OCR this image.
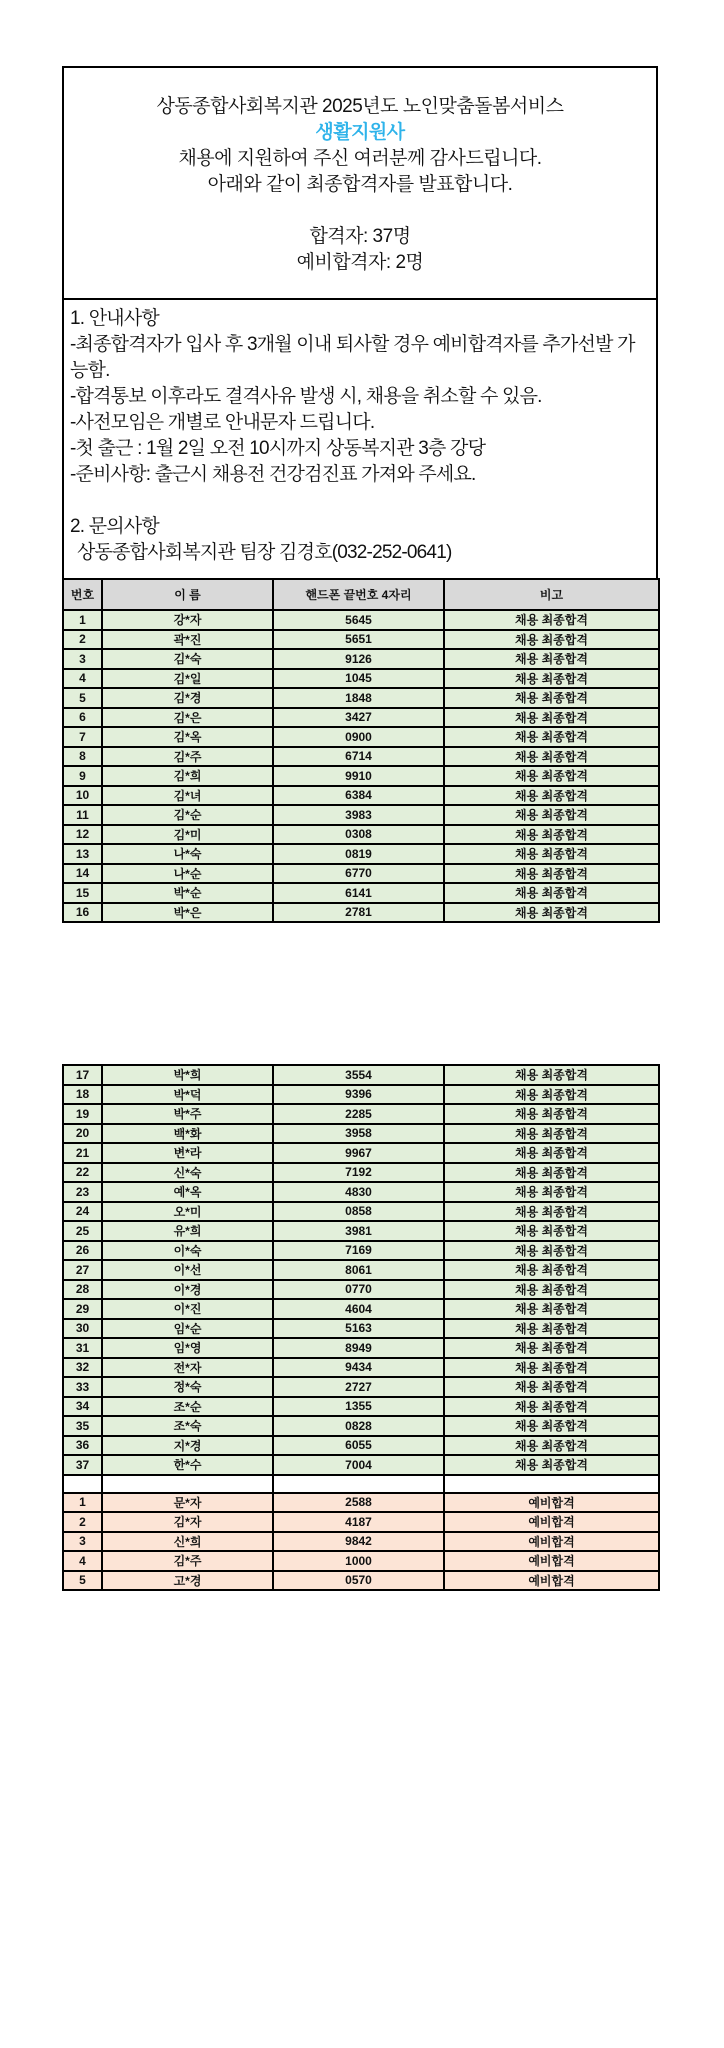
상동종합사회복지관 2025년도 노인맞춤돌봄서비스
생활지원사
채용에 지원하여 주신 여러분께 감사드립니다.
아래와 같이 최종합격자를 발표합니다.
합격자: 37명
예비합격자: 2명
1. 안내사항
-최종합격자가 입사 후 3개월 이내 퇴사할 경우 예비합격자를 추가선발 가능함.
-합격통보 이후라도 결격사유 발생 시, 채용을 취소할 수 있음.
-사전모임은 개별로 안내문자 드립니다.
-첫 출근 : 1월 2일 오전 10시까지 상동복지관 3층 강당
-준비사항: 출근시 채용전 건강검진표 가져와 주세요.
2. 문의사항
상동종합사회복지관 팀장 김경호(032-252-0641)
번호	이 름	핸드폰 끝번호 4자리	비고
1	강*자	5645	채용 최종합격
2	곽*진	5651	채용 최종합격
3	김*숙	9126	채용 최종합격
4	김*일	1045	채용 최종합격
5	김*경	1848	채용 최종합격
6	김*은	3427	채용 최종합격
7	김*옥	0900	채용 최종합격
8	김*주	6714	채용 최종합격
9	김*희	9910	채용 최종합격
10	김*녀	6384	채용 최종합격
11	김*순	3983	채용 최종합격
12	김*미	0308	채용 최종합격
13	나*숙	0819	채용 최종합격
14	나*순	6770	채용 최종합격
15	박*순	6141	채용 최종합격
16	박*은	2781	채용 최종합격
17	박*희	3554	채용 최종합격
18	박*덕	9396	채용 최종합격
19	박*주	2285	채용 최종합격
20	백*화	3958	채용 최종합격
21	변*라	9967	채용 최종합격
22	신*숙	7192	채용 최종합격
23	예*옥	4830	채용 최종합격
24	오*미	0858	채용 최종합격
25	유*희	3981	채용 최종합격
26	이*숙	7169	채용 최종합격
27	이*선	8061	채용 최종합격
28	이*경	0770	채용 최종합격
29	이*진	4604	채용 최종합격
30	임*순	5163	채용 최종합격
31	임*영	8949	채용 최종합격
32	전*자	9434	채용 최종합격
33	정*숙	2727	채용 최종합격
34	조*순	1355	채용 최종합격
35	조*숙	0828	채용 최종합격
36	지*경	6055	채용 최종합격
37	한*수	7004	채용 최종합격

1	문*자	2588	예비합격
2	김*자	4187	예비합격
3	신*희	9842	예비합격
4	김*주	1000	예비합격
5	고*경	0570	예비합격
